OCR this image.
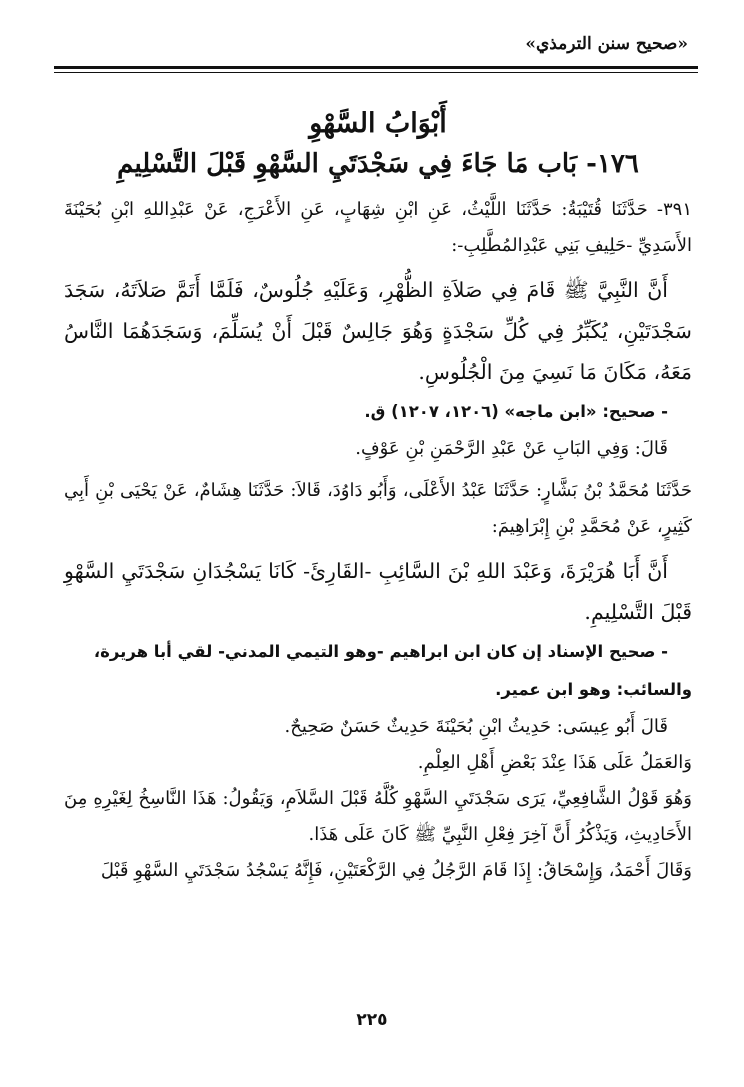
«صحيح سنن الترمذي»
أَبْوَابُ السَّهْوِ
١٧٦- بَاب مَا جَاءَ فِي سَجْدَتَيِ السَّهْوِ قَبْلَ التَّسْلِيمِ

٣٩١- حَدَّثَنَا قُتَيْبَةُ: حَدَّثَنَا اللَّيْثُ، عَنِ ابْنِ شِهَابٍ، عَنِ الأَعْرَجِ، عَنْ عَبْدِاللهِ ابْنِ بُحَيْنَةَ الأَسَدِيِّ -حَلِيفِ بَنِي عَبْدِالمُطَّلِبِ-:

أَنَّ النَّبِيَّ ﷺ قَامَ فِي صَلاَةِ الظُّهْرِ، وَعَلَيْهِ جُلُوسٌ، فَلَمَّا أَتَمَّ صَلاَتَهُ، سَجَدَ سَجْدَتَيْنِ، يُكَبِّرُ فِي كُلِّ سَجْدَةٍ وَهُوَ جَالِسٌ قَبْلَ أَنْ يُسَلِّمَ، وَسَجَدَهُمَا النَّاسُ مَعَهُ، مَكَانَ مَا نَسِيَ مِنَ الْجُلُوسِ.

- صحيح: «ابن ماجه» (١٢٠٦، ١٢٠٧) ق.

قَالَ: وَفِي البَابِ عَنْ عَبْدِ الرَّحْمَنِ بْنِ عَوْفٍ.

حَدَّثَنَا مُحَمَّدُ بْنُ بَشَّارٍ: حَدَّثَنَا عَبْدُ الأَعْلَى، وَأَبُو دَاوُدَ، قَالاَ: حَدَّثَنَا هِشَامٌ، عَنْ يَحْيَى بْنِ أَبِي كَثِيرٍ، عَنْ مُحَمَّدِ بْنِ إِبْرَاهِيمَ:

أَنَّ أَبَا هُرَيْرَةَ، وَعَبْدَ اللهِ بْنَ السَّائِبِ -القَارِئَ- كَانَا يَسْجُدَانِ سَجْدَتَيِ السَّهْوِ قَبْلَ التَّسْلِيمِ.

- صحيح الإسناد إن كان ابن ابراهيم -وهو التيمي المدني- لقي أبا هريرة، والسائب: وهو ابن عمير.

قَالَ أَبُو عِيسَى: حَدِيثُ ابْنِ بُحَيْنَةَ حَدِيثٌ حَسَنٌ صَحِيحٌ.

وَالعَمَلُ عَلَى هَذَا عِنْدَ بَعْضِ أَهْلِ العِلْمِ.

وَهُوَ قَوْلُ الشَّافِعِيِّ، يَرَى سَجْدَتَيِ السَّهْوِ كُلَّهُ قَبْلَ السَّلاَمِ، وَيَقُولُ: هَذَا النَّاسِخُ لِغَيْرِهِ مِنَ الأَحَادِيثِ، وَيَذْكُرُ أَنَّ آخِرَ فِعْلِ النَّبِيِّ ﷺ كَانَ عَلَى هَذَا.

وَقَالَ أَحْمَدُ، وَإِسْحَاقُ: إِذَا قَامَ الرَّجُلُ فِي الرَّكْعَتَيْنِ، فَإِنَّهُ يَسْجُدُ سَجْدَتَيِ السَّهْوِ قَبْلَ

٢٢٥
